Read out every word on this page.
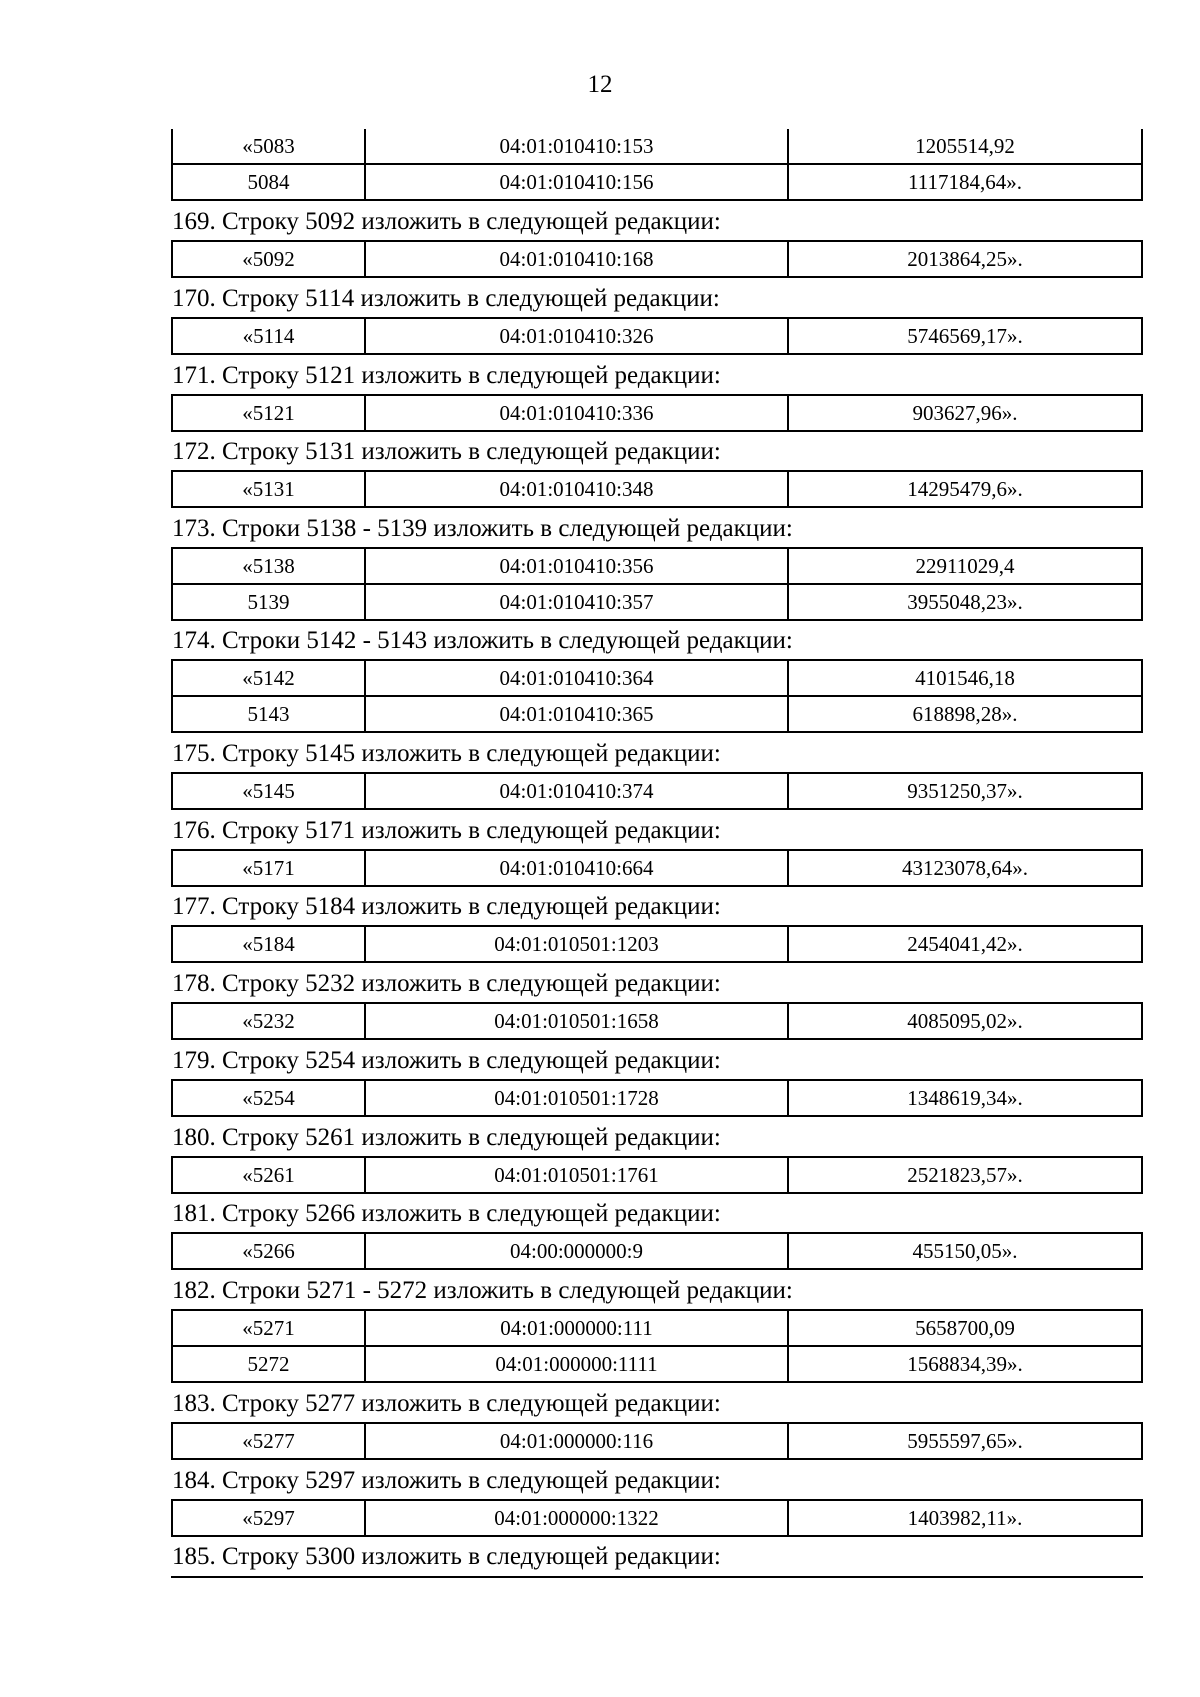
12
«5083	04:01:010410:153	1205514,92
5084	04:01:010410:156	1117184,64».
169. Строку 5092 изложить в следующей редакции:
«5092	04:01:010410:168	2013864,25».
170. Строку 5114 изложить в следующей редакции:
«5114	04:01:010410:326	5746569,17».
171. Строку 5121 изложить в следующей редакции:
«5121	04:01:010410:336	903627,96».
172. Строку 5131 изложить в следующей редакции:
«5131	04:01:010410:348	14295479,6».
173. Строки 5138 - 5139 изложить в следующей редакции:
«5138	04:01:010410:356	22911029,4
5139	04:01:010410:357	3955048,23».
174. Строки 5142 - 5143 изложить в следующей редакции:
«5142	04:01:010410:364	4101546,18
5143	04:01:010410:365	618898,28».
175. Строку 5145 изложить в следующей редакции:
«5145	04:01:010410:374	9351250,37».
176. Строку 5171 изложить в следующей редакции:
«5171	04:01:010410:664	43123078,64».
177. Строку 5184 изложить в следующей редакции:
«5184	04:01:010501:1203	2454041,42».
178. Строку 5232 изложить в следующей редакции:
«5232	04:01:010501:1658	4085095,02».
179. Строку 5254 изложить в следующей редакции:
«5254	04:01:010501:1728	1348619,34».
180. Строку 5261 изложить в следующей редакции:
«5261	04:01:010501:1761	2521823,57».
181. Строку 5266 изложить в следующей редакции:
«5266	04:00:000000:9	455150,05».
182. Строки 5271 - 5272 изложить в следующей редакции:
«5271	04:01:000000:111	5658700,09
5272	04:01:000000:1111	1568834,39».
183. Строку 5277 изложить в следующей редакции:
«5277	04:01:000000:116	5955597,65».
184. Строку 5297 изложить в следующей редакции:
«5297	04:01:000000:1322	1403982,11».
185. Строку 5300 изложить в следующей редакции:
